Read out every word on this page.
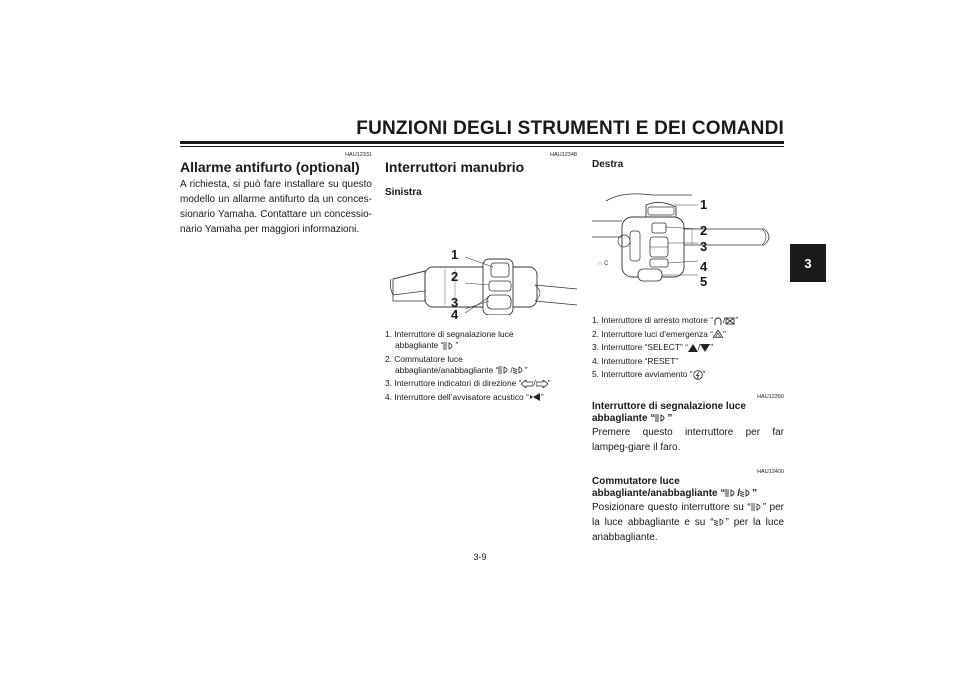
FUNZIONI DEGLI STRUMENTI E DEI COMANDI
3
HAU12331
Allarme antifurto (optional)
A richiesta, si può fare installare su questo modello un allarme antifurto da un conces-sionario Yamaha. Contattare un concessio-nario Yamaha per maggiori informazioni.
HAU12348
Interruttori manubrio
Sinistra
1
2
3
4
1. Interruttore di segnalazione luce
abbagliante “ ”
2. Commutatore luce
abbagliante/anabbagliante “ / ”
3. Interruttore indicatori di direzione “ / ”
4. Interruttore dell’avvisatore acustico “ ”
Destra
∩ C
1
2
3
4
5
1. Interruttore di arresto motore “ / ”
2. Interruttore luci d’emergenza “ ”
3. Interruttore “SELECT” “ / ”
4. Interruttore “RESET”
5. Interruttore avviamento “ ”
HAU12350
Interruttore di segnalazione luce
abbagliante “ ”
Premere questo interruttore per far lampeg-giare il faro.
HAU12400
Commutatore luce
abbagliante/anabbagliante “ / ”
Posizionare questo interruttore su “ ” per la luce abbagliante e su “ ” per la luce anabbagliante.
3-9
